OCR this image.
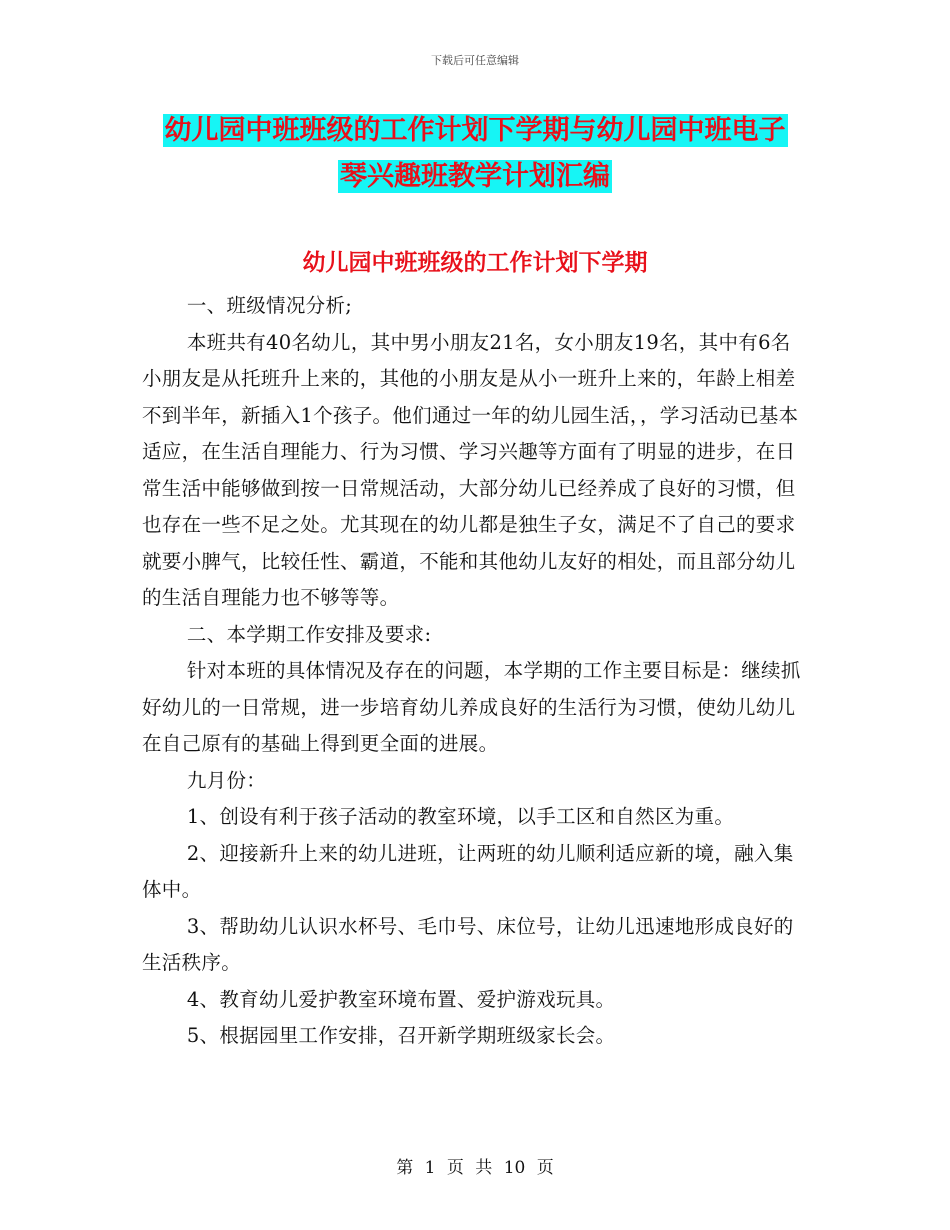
下载后可任意编辑
幼儿园中班班级的工作计划下学期与幼儿园中班电子
琴兴趣班教学计划汇编
幼儿园中班班级的工作计划下学期

一、班级情况分析;

本班共有40名幼儿，其中男小朋友21名，女小朋友19名，其中有6名小朋友是从托班升上来的，其他的小朋友是从小一班升上来的，年龄上相差不到半年，新插入1个孩子。他们通过一年的幼儿园生活，，学习活动已基本适应，在生活自理能力、行为习惯、学习兴趣等方面有了明显的进步，在日常生活中能够做到按一日常规活动，大部分幼儿已经养成了良好的习惯，但也存在一些不足之处。尤其现在的幼儿都是独生子女，满足不了自己的要求就要小脾气，比较任性、霸道，不能和其他幼儿友好的相处，而且部分幼儿的生活自理能力也不够等等。

二、本学期工作安排及要求:

针对本班的具体情况及存在的问题，本学期的工作主要目标是：继续抓好幼儿的一日常规，进一步培育幼儿养成良好的生活行为习惯，使幼儿幼儿在自己原有的基础上得到更全面的进展。

九月份：

1、创设有利于孩子活动的教室环境，以手工区和自然区为重。

2、迎接新升上来的幼儿进班，让两班的幼儿顺利适应新的境，融入集体中。

3、帮助幼儿认识水杯号、毛巾号、床位号，让幼儿迅速地形成良好的生活秩序。

4、教育幼儿爱护教室环境布置、爱护游戏玩具。

5、根据园里工作安排，召开新学期班级家长会。

第 1 页 共 10 页
